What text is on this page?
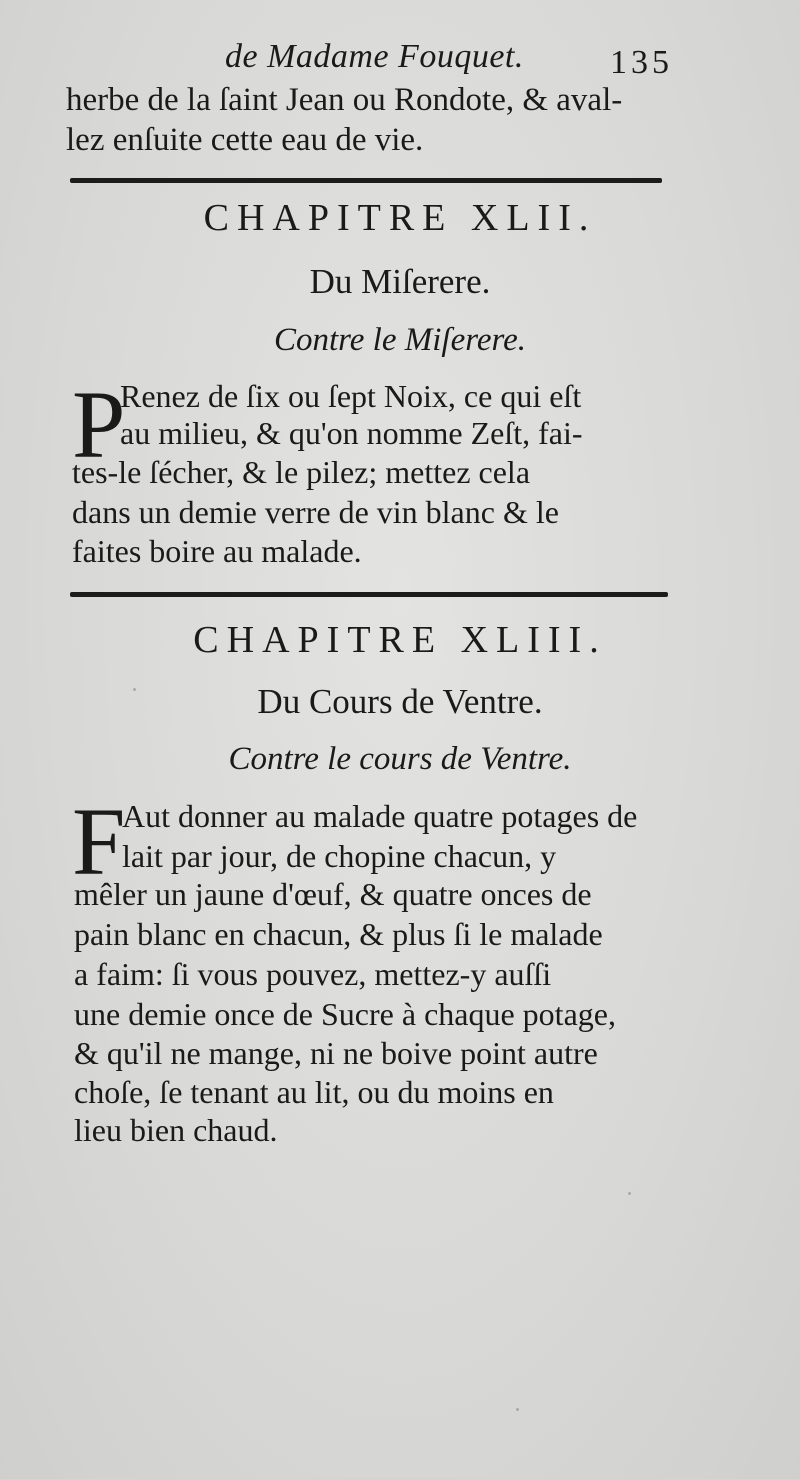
de Madame Fouquet.	135
herbe de la ſaint Jean ou Rondote, & aval-
lez enſuite cette eau de vie.
CHAPITRE XLII.
Du Miſerere.
Contre le Miſerere.
P
Renez de ſix ou ſept Noix, ce qui eſt
au milieu, & qu'on nomme Zeſt, fai-
tes-le ſécher, & le pilez; mettez cela
dans un demie verre de vin blanc & le
faites boire au malade.
CHAPITRE XLIII.
Du Cours de Ventre.
Contre le cours de Ventre.
F
Aut donner au malade quatre potages de
lait par jour, de chopine chacun, y
mêler un jaune d'œuf, & quatre onces de
pain blanc en chacun, & plus ſi le malade
a faim: ſi vous pouvez, mettez-y auſſi
une demie once de Sucre à chaque potage,
& qu'il ne mange, ni ne boive point autre
choſe, ſe tenant au lit, ou du moins en
lieu bien chaud.
